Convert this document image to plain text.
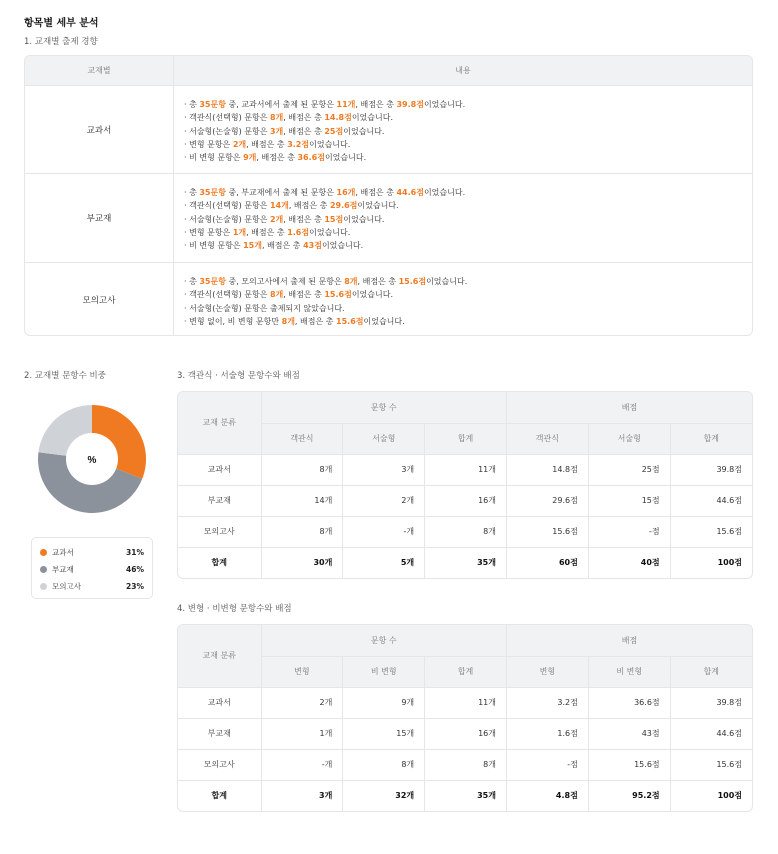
항목별 세부 분석
1. 교재별 출제 경향
교재별	내용
교과서
· 총 35문항 중, 교과서에서 출제 된 문항은 11개, 배점은 총 39.8점이었습니다.
· 객관식(선택형) 문항은 8개, 배점은 총 14.8점이었습니다.
· 서술형(논술형) 문항은 3개, 배점은 총 25점이었습니다.
· 변형 문항은 2개, 배점은 총 3.2점이었습니다.
· 비 변형 문항은 9개, 배점은 총 36.6점이었습니다.
부교재
· 총 35문항 중, 부교재에서 출제 된 문항은 16개, 배점은 총 44.6점이었습니다.
· 객관식(선택형) 문항은 14개, 배점은 총 29.6점이었습니다.
· 서술형(논술형) 문항은 2개, 배점은 총 15점이었습니다.
· 변형 문항은 1개, 배점은 총 1.6점이었습니다.
· 비 변형 문항은 15개, 배점은 총 43점이었습니다.
모의고사
· 총 35문항 중, 모의고사에서 출제 된 문항은 8개, 배점은 총 15.6점이었습니다.
· 객관식(선택형) 문항은 8개, 배점은 총 15.6점이었습니다.
· 서술형(논술형) 문항은 출제되지 않았습니다.
· 변형 없이, 비 변형 문항만 8개, 배점은 총 15.6점이었습니다.
2. 교재별 문항수 비중
%
교과서	31%
부교재	46%
모의고사	23%
3. 객관식 · 서술형 문항수와 배점
교재 분류	문항 수			배점		
	객관식	서술형	합계	객관식	서술형	합계
교과서	8개	3개	11개	14.8점	25점	39.8점
부교재	14개	2개	16개	29.6점	15점	44.6점
모의고사	8개	-개	8개	15.6점	-점	15.6점
합계	30개	5개	35개	60점	40점	100점
4. 변형 · 비변형 문항수와 배점
교재 분류	문항 수			배점		
	변형	비 변형	합계	변형	비 변형	합계
교과서	2개	9개	11개	3.2점	36.6점	39.8점
부교재	1개	15개	16개	1.6점	43점	44.6점
모의고사	-개	8개	8개	-점	15.6점	15.6점
합계	3개	32개	35개	4.8점	95.2점	100점
